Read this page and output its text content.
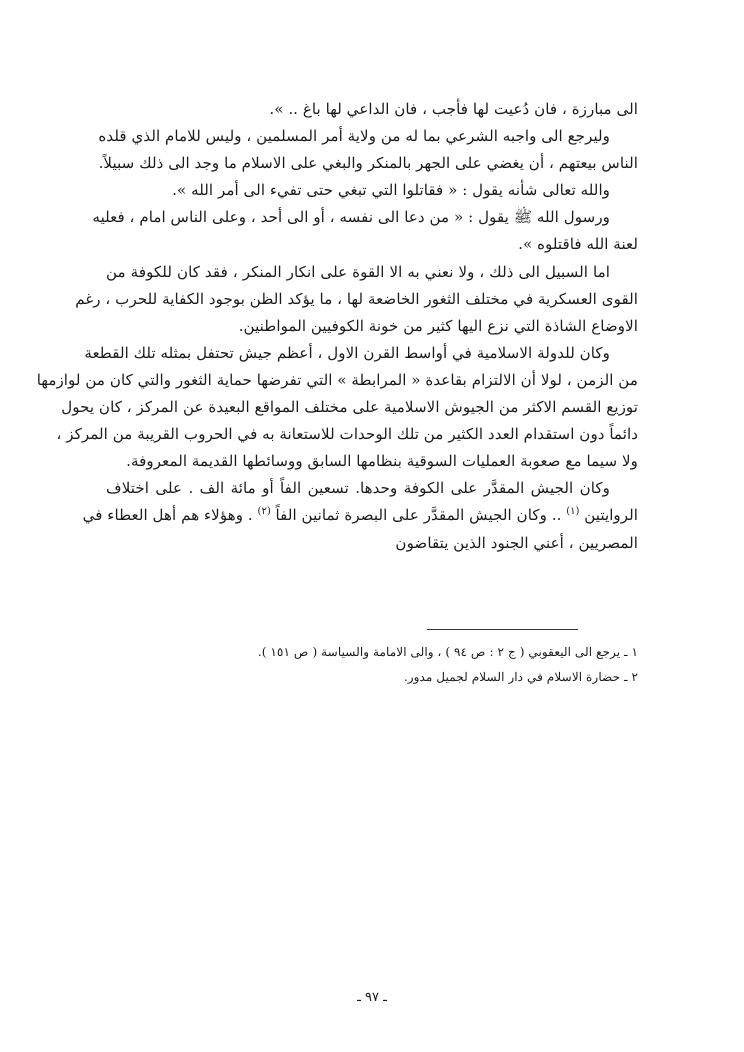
الى مبارزة ، فان دُعيت لها فأجب ، فان الداعي لها باغ .. ».
وليرجع الى واجبه الشرعي بما له من ولاية أمر المسلمين ، وليس للامام الذي قلده
الناس بيعتهم ، أن يغضي على الجهر بالمنكر والبغي على الاسلام ما وجد الى ذلك سبيلاً.
والله تعالى شأنه يقول : « فقاتلوا التي تبغي حتى تفيء الى أمر الله ».
ورسول الله ﷺ يقول : « من دعا الى نفسه ، أو الى أحد ، وعلى الناس امام ، فعليه
لعنة الله فاقتلوه ».
اما السبيل الى ذلك ، ولا نعني به الا القوة على انكار المنكر ، فقد كان للكوفة من
القوى العسكرية في مختلف الثغور الخاضعة لها ، ما يؤكد الظن بوجود الكفاية للحرب ، رغم
الاوضاع الشاذة التي نزع اليها كثير من خونة الكوفيين المواطنين.
وكان للدولة الاسلامية في أواسط القرن الاول ، أعظم جيش تحتفل بمثله تلك القطعة
من الزمن ، لولا أن الالتزام بقاعدة « المرابطة » التي تفرضها حماية الثغور والتي كان من لوازمها
توزيع القسم الاكثر من الجيوش الاسلامية على مختلف المواقع البعيدة عن المركز ، كان يحول
دائماً دون استقدام العدد الكثير من تلك الوحدات للاستعانة به في الحروب القريبة من المركز ،
ولا سيما مع صعوبة العمليات السوقية بنظامها السابق ووسائطها القديمة المعروفة.
وكان الجيش المقدَّر على الكوفة وحدها. تسعين الفاً أو مائة الف . على اختلاف
الروايتين $^{(١)}$ .. وكان الجيش المقدَّر على البصرة ثمانين الفاً $^{(٢)}$ . وهؤلاء هم أهل العطاء في
المصريين ، أعني الجنود الذين يتقاضون
١ ـ يرجع الى اليعقوبي ( ج ٢ : ص ٩٤ ) ، والى الامامة والسياسة ( ص ١٥١ ).
٢ ـ حضارة الاسلام في دار السلام لجميل مدور.
ـ ٩٧ ـ
